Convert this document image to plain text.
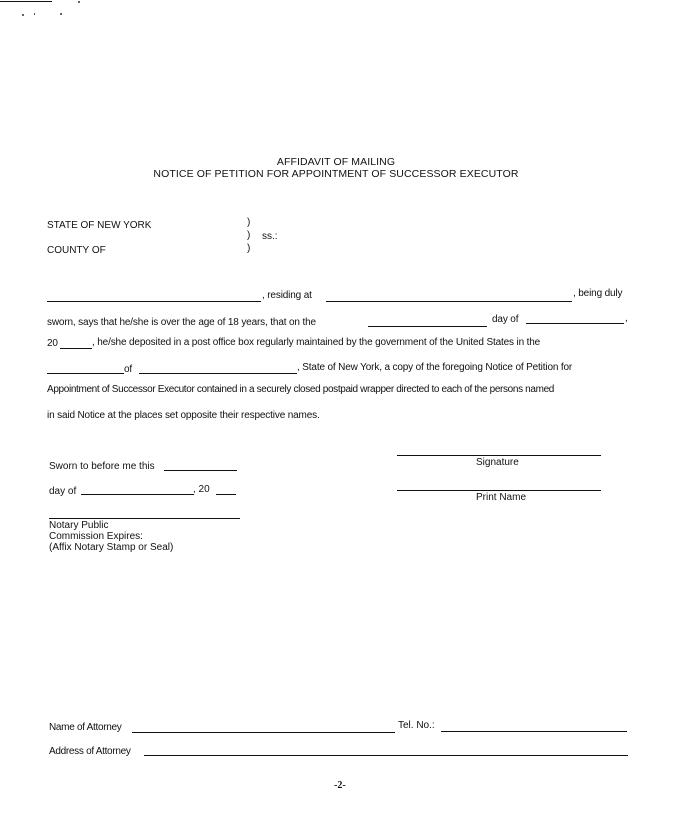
AFFIDAVIT OF MAILING
NOTICE OF PETITION FOR APPOINTMENT OF SUCCESSOR EXECUTOR
STATE OF NEW YORK
COUNTY OF
)
)
)
ss.:
, residing at	, being duly
sworn, says that he/she is over the age of 18 years, that on the	day of	,
20	, he/she deposited in a post office box regularly maintained by the government of the United States in the
of	, State of New York, a copy of the foregoing Notice of Petition for
Appointment of Successor Executor contained in a securely closed postpaid wrapper directed to each of the persons named
in said Notice at the places set opposite their respective names.
Signature
Print Name
Sworn to before me this
day of	, 20
Notary Public
Commission Expires:
(Affix Notary Stamp or Seal)
Name of Attorney	Tel. No.:
Address of Attorney
-2-
